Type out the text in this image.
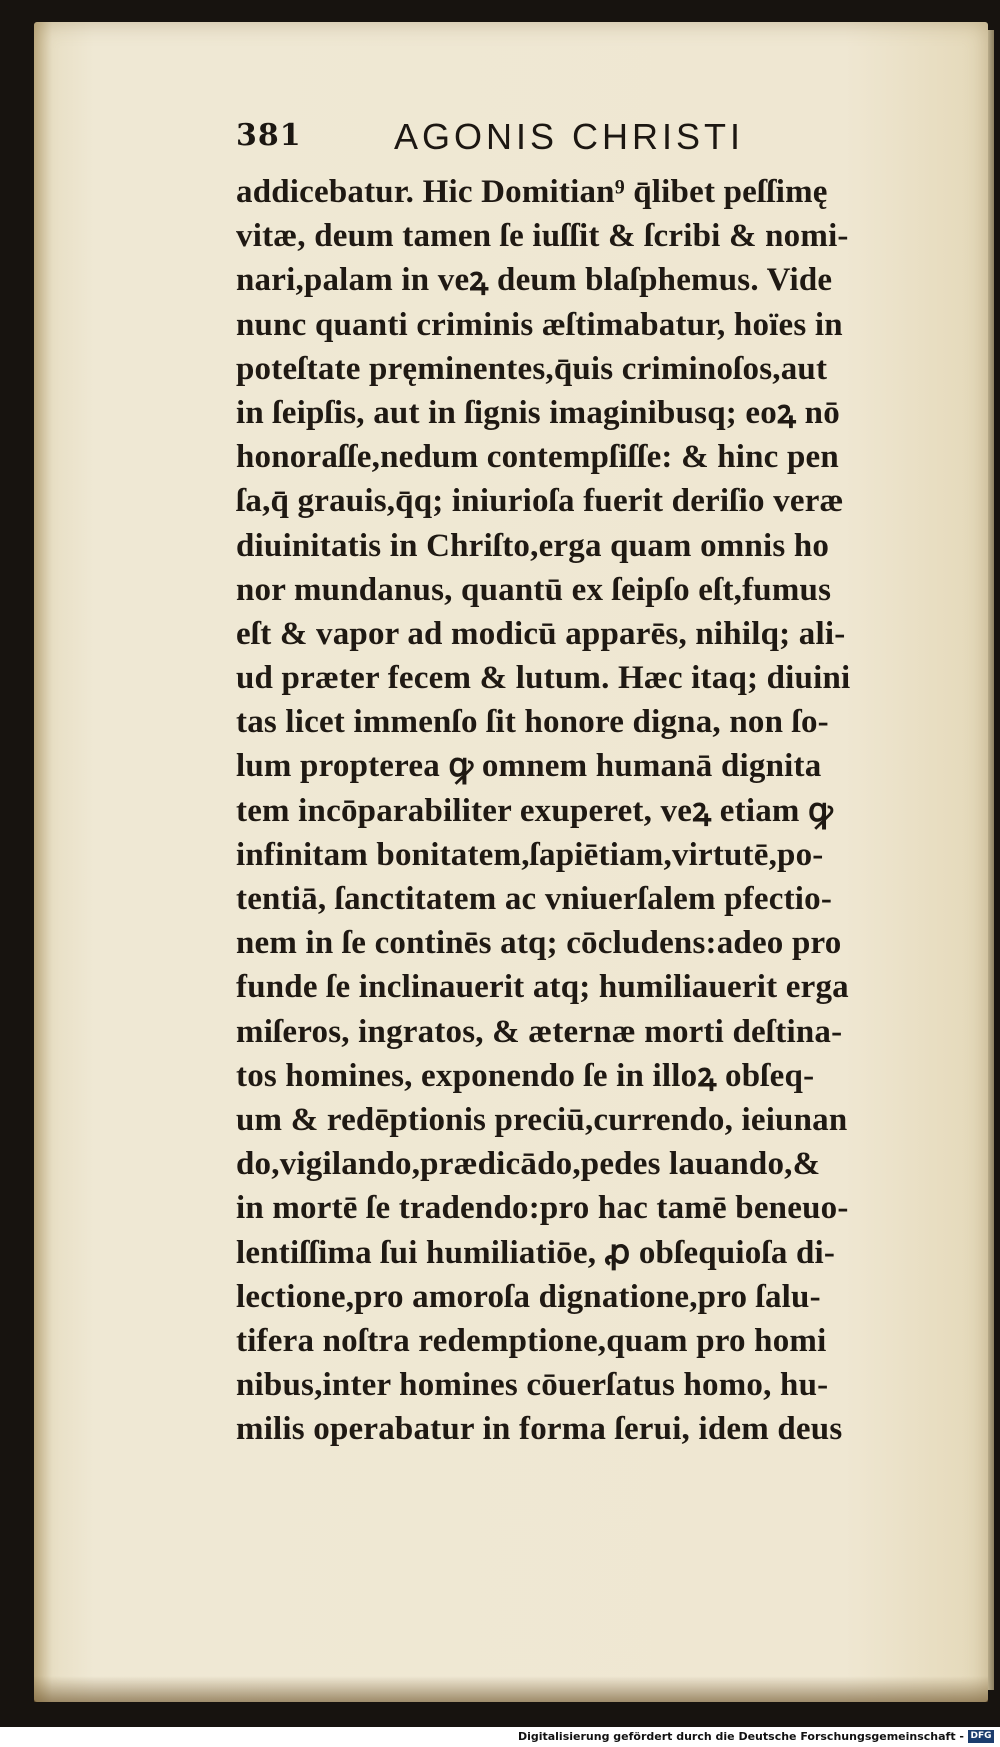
381	AGONIS CHRISTI
addicebatur. Hic Domitian⁹ q̄libet peſſimę
vitæ, deum tamen ſe iuſſit & ſcribi & nomi-
nari,palam in veꝝ deum blaſphemus. Vide
nunc quanti criminis æſtimabatur, hoïes in
poteſtate pręminentes,q̄uis criminoſos,aut
in ſeipſis, aut in ſignis imaginibusq; eoꝝ nō
honoraſſe,nedum contempſiſſe: & hinc pen
ſa,q̄ grauis,q̄q; iniurioſa fuerit deriſio veræ
diuinitatis in Chriſto,erga quam omnis ho
nor mundanus, quantū ex ſeipſo eſt,fumus
eſt & vapor ad modicū apparēs, nihilq; ali-
ud præter fecem & lutum. Hæc itaq; diuini
tas licet immenſo ſit honore digna, non ſo-
lum propterea ꝙ omnem humanā dignita
tem incōparabiliter exuperet, veꝝ etiam ꝙ
infinitam bonitatem,ſapiētiam,virtutē,po-
tentiā, ſanctitatem ac vniuerſalem pfectio-
nem in ſe continēs atq; cōcludens:adeo pro
funde ſe inclinauerit atq; humiliauerit erga
miſeros, ingratos, & æternæ morti deſtina-
tos homines, exponendo ſe in illoꝝ obſeq-
um & redēptionis preciū,currendo, ieiunan
do,vigilando,prædicādo,pedes lauando,&
in mortē ſe tradendo:pro hac tamē beneuo-
lentiſſima ſui humiliatiōe, ꝓ obſequioſa di-
lectione,pro amoroſa dignatione,pro ſalu-
tifera noſtra redemptione,quam pro homi
nibus,inter homines cōuerſatus homo, hu-
milis operabatur in forma ſerui, idem deus
Digitalisierung gefördert durch die Deutsche Forschungsgemeinschaft - DFG
